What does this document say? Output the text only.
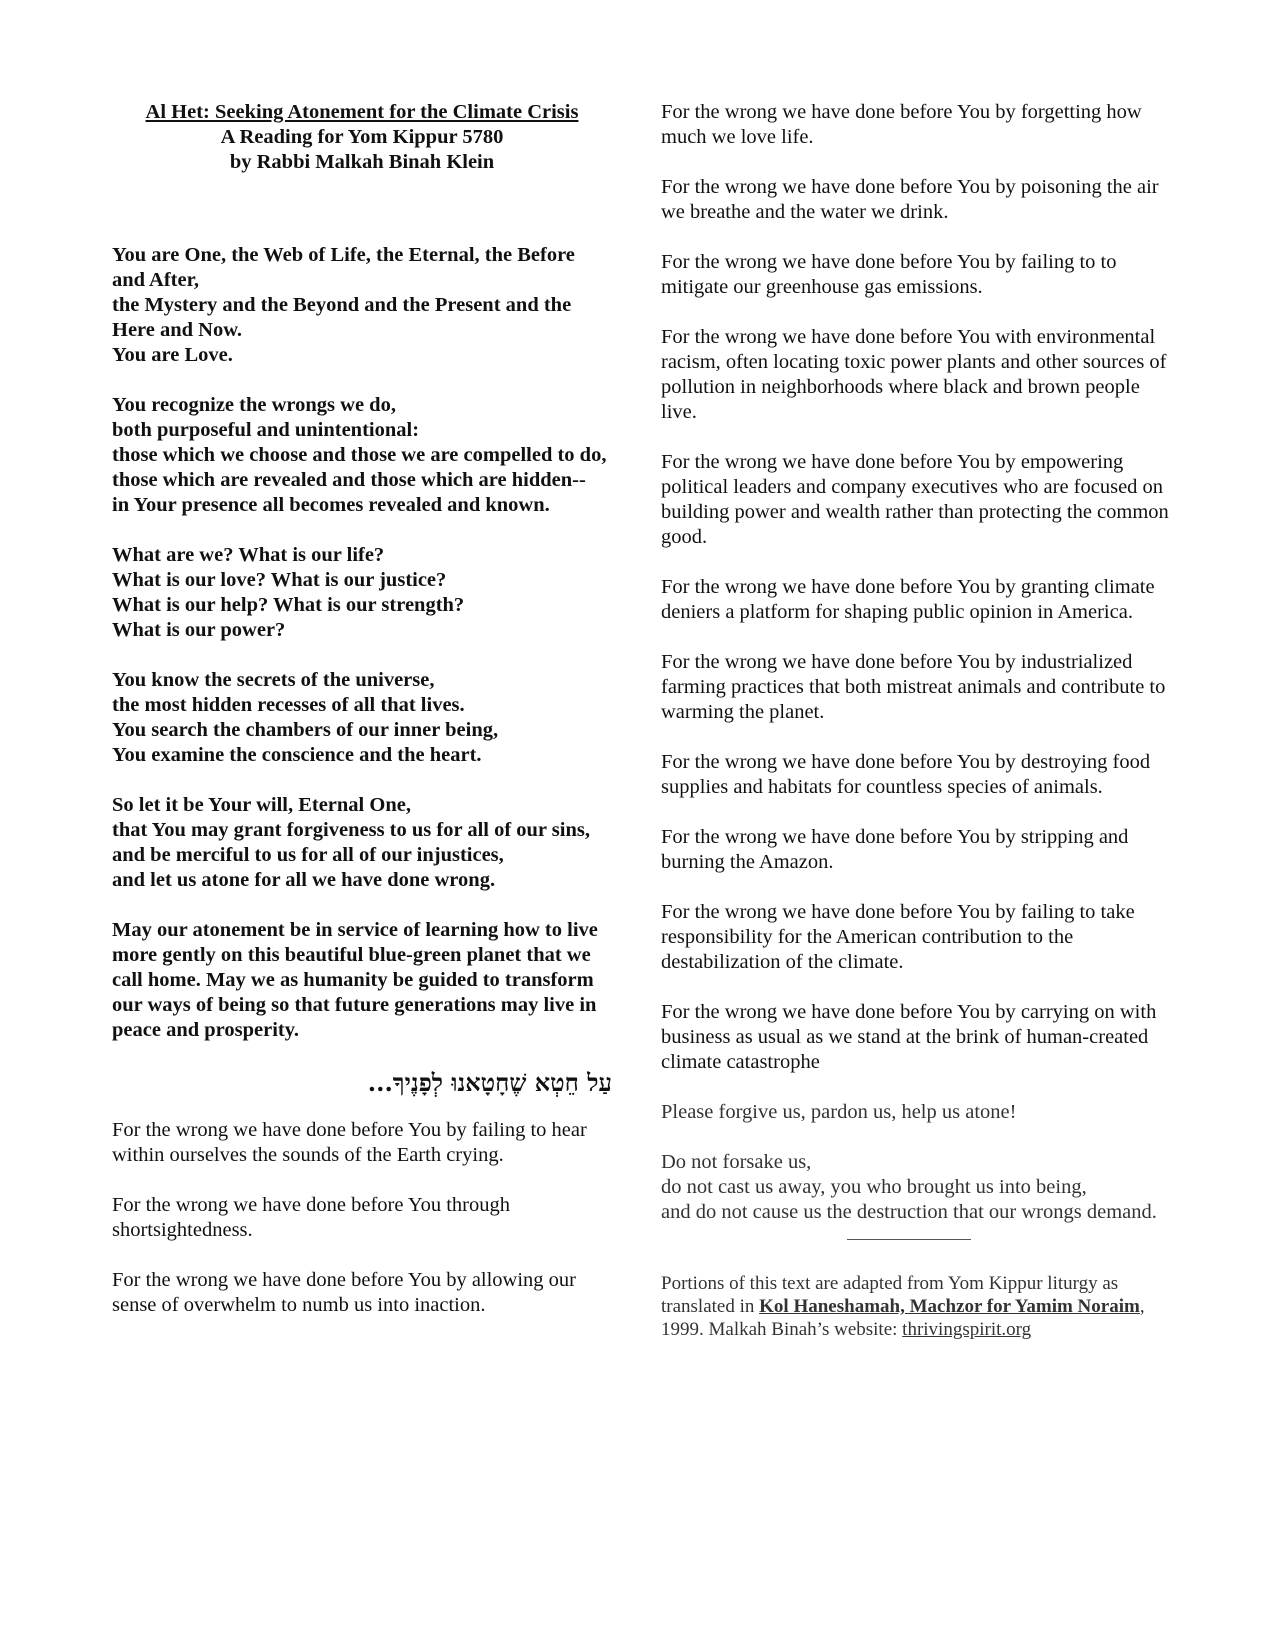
Al Het: Seeking Atonement for the Climate Crisis
A Reading for Yom Kippur 5780
by Rabbi Malkah Binah Klein

You are One, the Web of Life, the Eternal, the Before and After,

the Mystery and the Beyond and the Present and the Here and Now.

You are Love.

You recognize the wrongs we do,

both purposeful and unintentional:

those which we choose and those we are compelled to do,

those which are revealed and those which are hidden--

in Your presence all becomes revealed and known.

What are we? What is our life?

What is our love? What is our justice?

What is our help? What is our strength?

What is our power?

You know the secrets of the universe,

the most hidden recesses of all that lives.

You search the chambers of our inner being,

You examine the conscience and the heart.

So let it be Your will, Eternal One,

that You may grant forgiveness to us for all of our sins,

and be merciful to us for all of our injustices,

and let us atone for all we have done wrong.

May our atonement be in service of learning how to live more gently on this beautiful blue-green planet that we call home. May we as humanity be guided to transform our ways of being so that future generations may live in peace and prosperity.

עַל חֵטְא שֶׁחָטָאנוּ לְפָנֶיךָ...

For the wrong we have done before You by failing to hear within ourselves the sounds of the Earth crying.

For the wrong we have done before You through shortsightedness.

For the wrong we have done before You by allowing our sense of overwhelm to numb us into inaction.

For the wrong we have done before You by forgetting how much we love life.

For the wrong we have done before You by poisoning the air we breathe and the water we drink.

For the wrong we have done before You by failing to to mitigate our greenhouse gas emissions.

For the wrong we have done before You with environmental racism, often locating toxic power plants and other sources of pollution in neighborhoods where black and brown people live.

For the wrong we have done before You by empowering political leaders and company executives who are focused on building power and wealth rather than protecting the common good.

For the wrong we have done before You by granting climate deniers a platform for shaping public opinion in America.

For the wrong we have done before You by industrialized farming practices that both mistreat animals and contribute to warming the planet.

For the wrong we have done before You by destroying food supplies and habitats for countless species of animals.

For the wrong we have done before You by stripping and burning the Amazon.

For the wrong we have done before You by failing to take responsibility for the American contribution to the destabilization of the climate.

For the wrong we have done before You by carrying on with business as usual as we stand at the brink of human-created climate catastrophe

Please forgive us, pardon us, help us atone!

Do not forsake us,
do not cast us away, you who brought us into being,
and do not cause us the destruction that our wrongs demand.

Portions of this text are adapted from Yom Kippur liturgy as translated in Kol Haneshamah, Machzor for Yamim Noraim, 1999. Malkah Binah’s website: thrivingspirit.org
